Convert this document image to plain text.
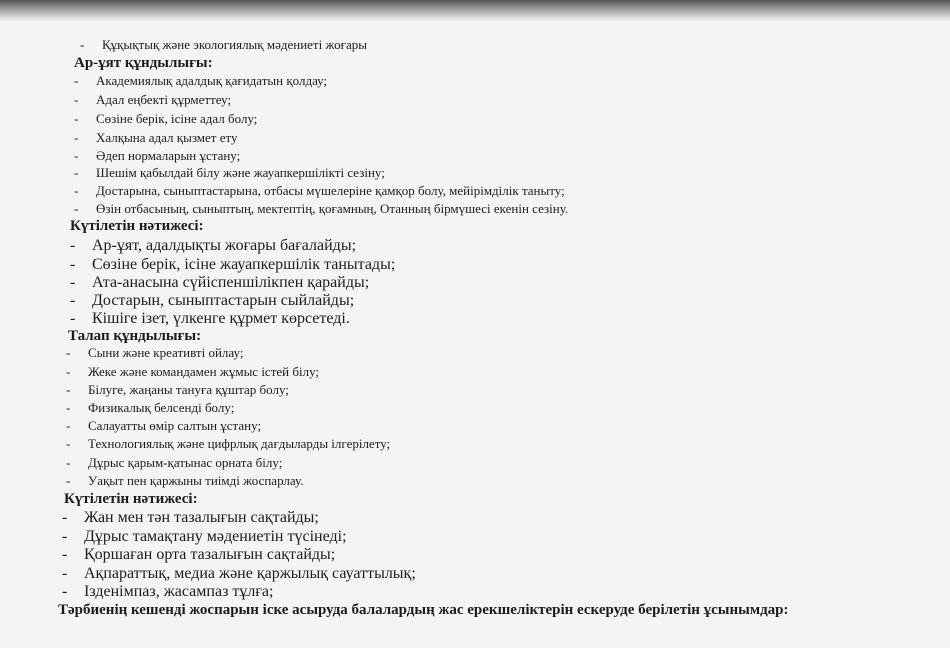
- Құқықтық және экологиялық мәдениеті жоғары
Ар-ұят құндылығы:
- Академиялық адалдық қағидатын қолдау;
- Адал еңбекті құрметтеу;
- Сөзіне берік, ісіне адал болу;
- Халқына адал қызмет ету
- Әдеп нормаларын ұстану;
- Шешім қабылдай білу және жауапкершілікті сезіну;
- Достарына, сыныптастарына, отбасы мүшелеріне қамқор болу, мейірімділік таныту;
- Өзін отбасының, сыныптың, мектептің, қоғамның, Отанның бірмүшесі екенін сезіну.
Күтілетін нәтижесі:
- Ар-ұят, адалдықты жоғары бағалайды;
- Сөзіне берік, ісіне жауапкершілік танытады;
- Ата-анасына сүйіспеншілікпен қарайды;
- Достарын, сыныптастарын сыйлайды;
- Кішіге ізет, үлкенге құрмет көрсетеді.
Талап құндылығы:
- Сыни және креативті ойлау;
- Жеке және командамен жұмыс істей білу;
- Білуге, жаңаны тануға құштар болу;
- Физикалық белсенді болу;
- Салауатты өмір салтын ұстану;
- Технологиялық және цифрлық дағдыларды ілгерілету;
- Дұрыс қарым-қатынас орната білу;
- Уақыт пен қаржыны тиімді жоспарлау.
Күтілетін нәтижесі:
- Жан мен тән тазалығын сақтайды;
- Дұрыс тамақтану мәдениетін түсінеді;
- Қоршаған орта тазалығын сақтайды;
- Ақпараттық, медиа және қаржылық сауаттылық;
- Ізденімпаз, жасампаз тұлға;
Тәрбиенің кешенді жоспарын іске асыруда балалардың жас ерекшеліктерін ескеруде берілетін ұсынымдар:
